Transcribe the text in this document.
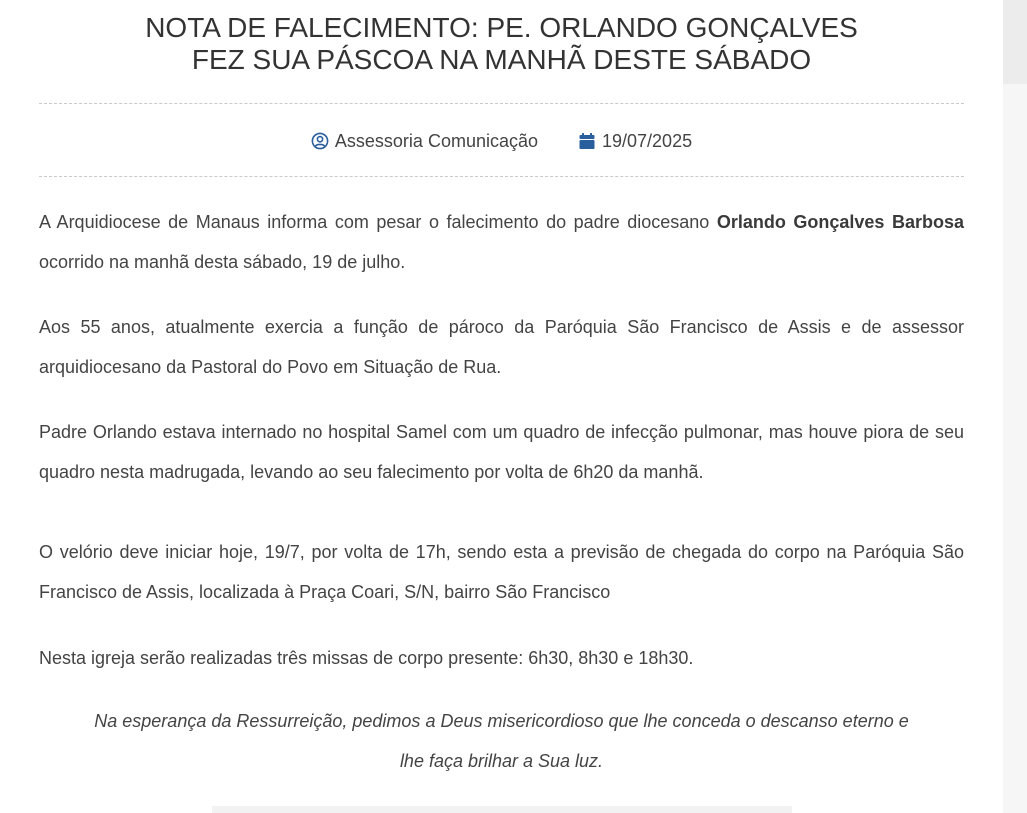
NOTA DE FALECIMENTO: PE. ORLANDO GONÇALVES
FEZ SUA PÁSCOA NA MANHÃ DESTE SÁBADO
Assessoria Comunicação	19/07/2025

A Arquidiocese de Manaus informa com pesar o falecimento do padre diocesano Orlando Gonçalves Barbosa ocorrido na manhã desta sábado, 19 de julho.

Aos 55 anos, atualmente exercia a função de pároco da Paróquia São Francisco de Assis e de assessor arquidiocesano da Pastoral do Povo em Situação de Rua.

Padre Orlando estava internado no hospital Samel com um quadro de infecção pulmonar, mas houve piora de seu quadro nesta madrugada, levando ao seu falecimento por volta de 6h20 da manhã.

O velório deve iniciar hoje, 19/7, por volta de 17h, sendo esta a previsão de chegada do corpo na Paróquia São Francisco de Assis, localizada à Praça Coari, S/N, bairro São Francisco

Nesta igreja serão realizadas três missas de corpo presente: 6h30, 8h30 e 18h30.

Na esperança da Ressurreição, pedimos a Deus misericordioso que lhe conceda o descanso eterno e
lhe faça brilhar a Sua luz.
